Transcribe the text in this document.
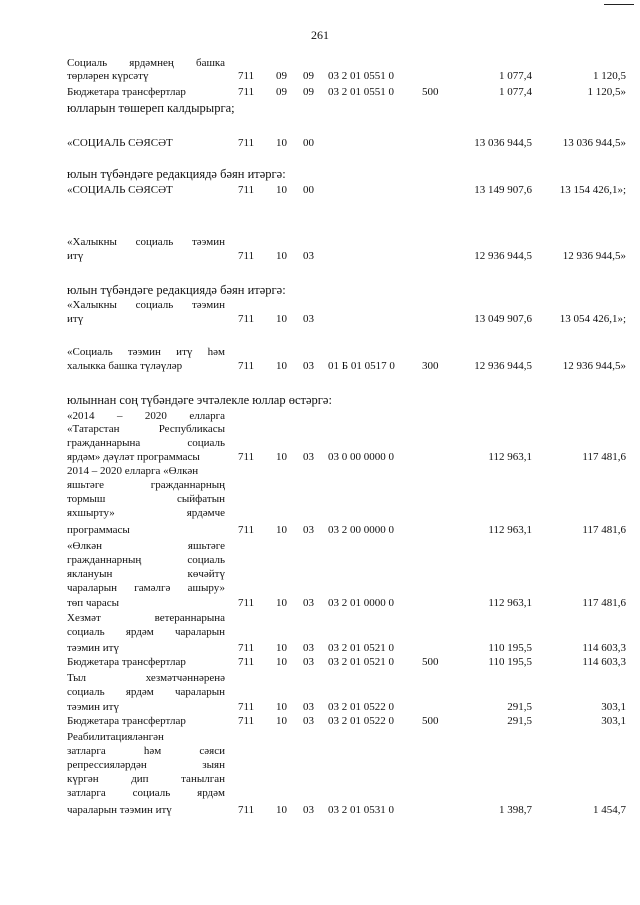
261
Социаль ярдәмнең башка
төрләрен күрсәтү	711 09 09 03 2 01 0551 0	1 077,4	1 120,5
Бюджетара трансфертлар	711 09 09 03 2 01 0551 0	500	1 077,4	1 120,5»
юлларын төшереп калдырырга;
«СОЦИАЛЬ СӘЯСӘТ	711 10 00	13 036 944,5	13 036 944,5»
юлын түбәндәге редакциядә бәян итәргә:
«СОЦИАЛЬ СӘЯСӘТ	711 10 00	13 149 907,6	13 154 426,1»;
«Халыкны социаль тәэмин
итү	711 10 03	12 936 944,5	12 936 944,5»
юлын түбәндәге редакциядә бәян итәргә:
«Халыкны социаль тәэмин
итү	711 10 03	13 049 907,6	13 054 426,1»;
«Социаль тәэмин итү һәм
халыкка башка түләүләр	711 10 03 01 Б 01 0517 0 300	12 936 944,5	12 936 944,5»
юлыннан соң түбәндәге эчтәлекле юллар өстәргә:
«2014 – 2020 елларга
«Татарстан Республикасы
гражданнарына социаль
ярдәм» дәүләт программасы	711 10 03 03 0 00 0000 0	112 963,1	117 481,6
2014 – 2020 елларга «Өлкән
яшьтәге гражданнарның
тормыш сыйфатын
яхшырту» ярдәмче
программасы	711 10 03 03 2 00 0000 0	112 963,1	117 481,6
«Өлкән яшьтәге
гражданнарның социаль
яклануын көчәйтү
чараларын гамәлгә ашыру»
төп чарасы	711 10 03 03 2 01 0000 0	112 963,1	117 481,6
Хезмәт ветераннарына
социаль ярдәм чараларын
тәэмин итү	711 10 03 03 2 01 0521 0	110 195,5	114 603,3
Бюджетара трансфертлар	711 10 03 03 2 01 0521 0	500	110 195,5	114 603,3
Тыл хезмәтчәннәренә
социаль ярдәм чараларын
тәэмин итү	711 10 03 03 2 01 0522 0	291,5	303,1
Бюджетара трансфертлар	711 10 03 03 2 01 0522 0	500	291,5	303,1
Реабилитацияләнгән
затларга һәм сәяси
репрессияләрдән зыян
күргән дип танылган
затларга социаль ярдәм
чараларын тәэмин итү	711 10 03 03 2 01 0531 0	1 398,7	1 454,7
